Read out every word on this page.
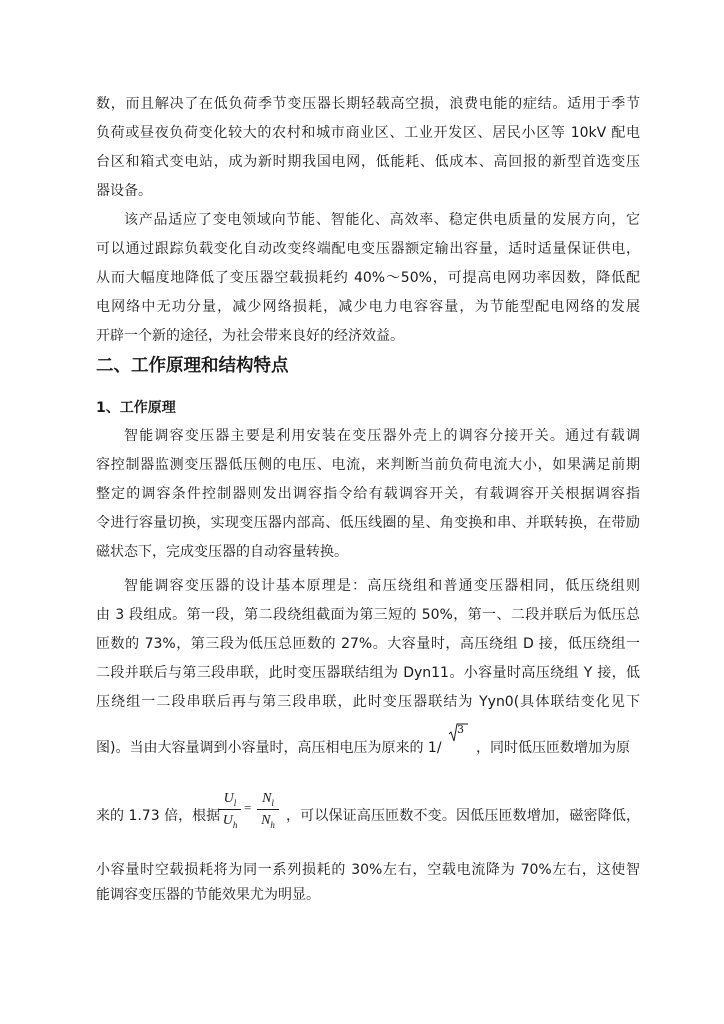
数，而且解决了在低负荷季节变压器长期轻载高空损，浪费电能的症结。适用于季节
负荷或昼夜负荷变化较大的农村和城市商业区、工业开发区、居民小区等 10kV 配电
台区和箱式变电站，成为新时期我国电网，低能耗、低成本、高回报的新型首选变压
器设备。
该产品适应了变电领域向节能、智能化、高效率、稳定供电质量的发展方向，它
可以通过跟踪负载变化自动改变终端配电变压器额定输出容量，适时适量保证供电，
从而大幅度地降低了变压器空载损耗约 40%～50%，可提高电网功率因数，降低配
电网络中无功分量，减少网络损耗，减少电力电容容量，为节能型配电网络的发展
开辟一个新的途径，为社会带来良好的经济效益。
二、工作原理和结构特点
1、工作原理
智能调容变压器主要是利用安装在变压器外壳上的调容分接开关。通过有载调
容控制器监测变压器低压侧的电压、电流，来判断当前负荷电流大小，如果满足前期
整定的调容条件控制器则发出调容指令给有载调容开关，有载调容开关根据调容指
令进行容量切换，实现变压器内部高、低压线圈的星、角变换和串、并联转换，在带励
磁状态下，完成变压器的自动容量转换。
智能调容变压器的设计基本原理是：高压绕组和普通变压器相同，低压绕组则
由 3 段组成。第一段，第二段绕组截面为第三短的 50%，第一、二段并联后为低压总
匝数的 73%，第三段为低压总匝数的 27%。大容量时，高压绕组 D 接，低压绕组一
二段并联后与第三段串联，此时变压器联结组为 Dyn11。小容量时高压绕组 Y 接，低
压绕组一二段串联后再与第三段串联，此时变压器联结为 Yyn0(具体联结变化见下
图)。当由大容量调到小容量时，高压相电压为原来的 1/
3
，同时低压匝数增加为原
来的 1.73 倍，根据
$U_l$
$U_h$
=
$N_l$
$N_h$
，可以保证高压匝数不变。因低压匝数增加，磁密降低，
小容量时空载损耗将为同一系列损耗的 30%左右，空载电流降为 70%左右，这使智
能调容变压器的节能效果尤为明显。
